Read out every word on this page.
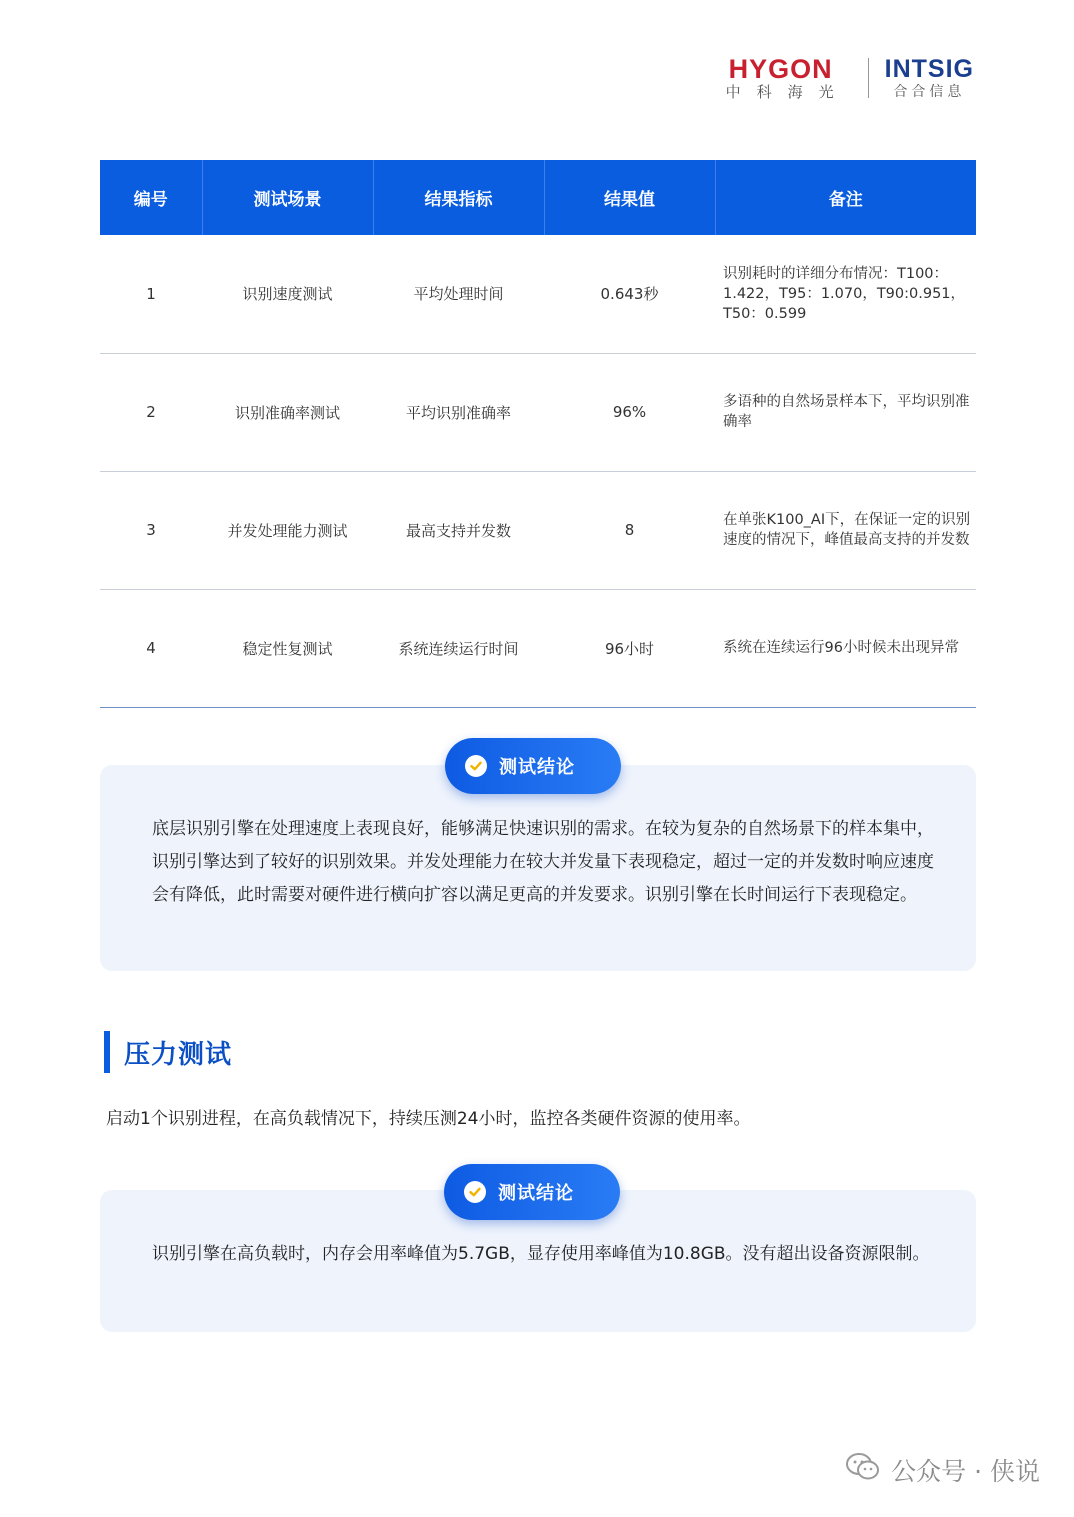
HYGON
中科海光
INTSIG
合合信息
编号	测试场景	结果指标	结果值	备注
1	识别速度测试	平均处理时间	0.643秒	识别耗时的详细分布情况：T100：1.422，T95：1.070，T90:0.951，T50：0.599
2	识别准确率测试	平均识别准确率	96%	多语种的自然场景样本下，平均识别准确率
3	并发处理能力测试	最高支持并发数	8	在单张K100_AI下，在保证一定的识别速度的情况下，峰值最高支持的并发数
4	稳定性复测试	系统连续运行时间	96小时	系统在连续运行96小时候未出现异常
底层识别引擎在处理速度上表现良好，能够满足快速识别的需求。在较为复杂的自然场景下的样本集中，识别引擎达到了较好的识别效果。并发处理能力在较大并发量下表现稳定，超过一定的并发数时响应速度会有降低，此时需要对硬件进行横向扩容以满足更高的并发要求。识别引擎在长时间运行下表现稳定。
测试结论
压力测试
启动1个识别进程，在高负载情况下，持续压测24小时，监控各类硬件资源的使用率。
识别引擎在高负载时，内存会用率峰值为5.7GB，显存使用率峰值为10.8GB。没有超出设备资源限制。
测试结论
公众号 · 侠说
